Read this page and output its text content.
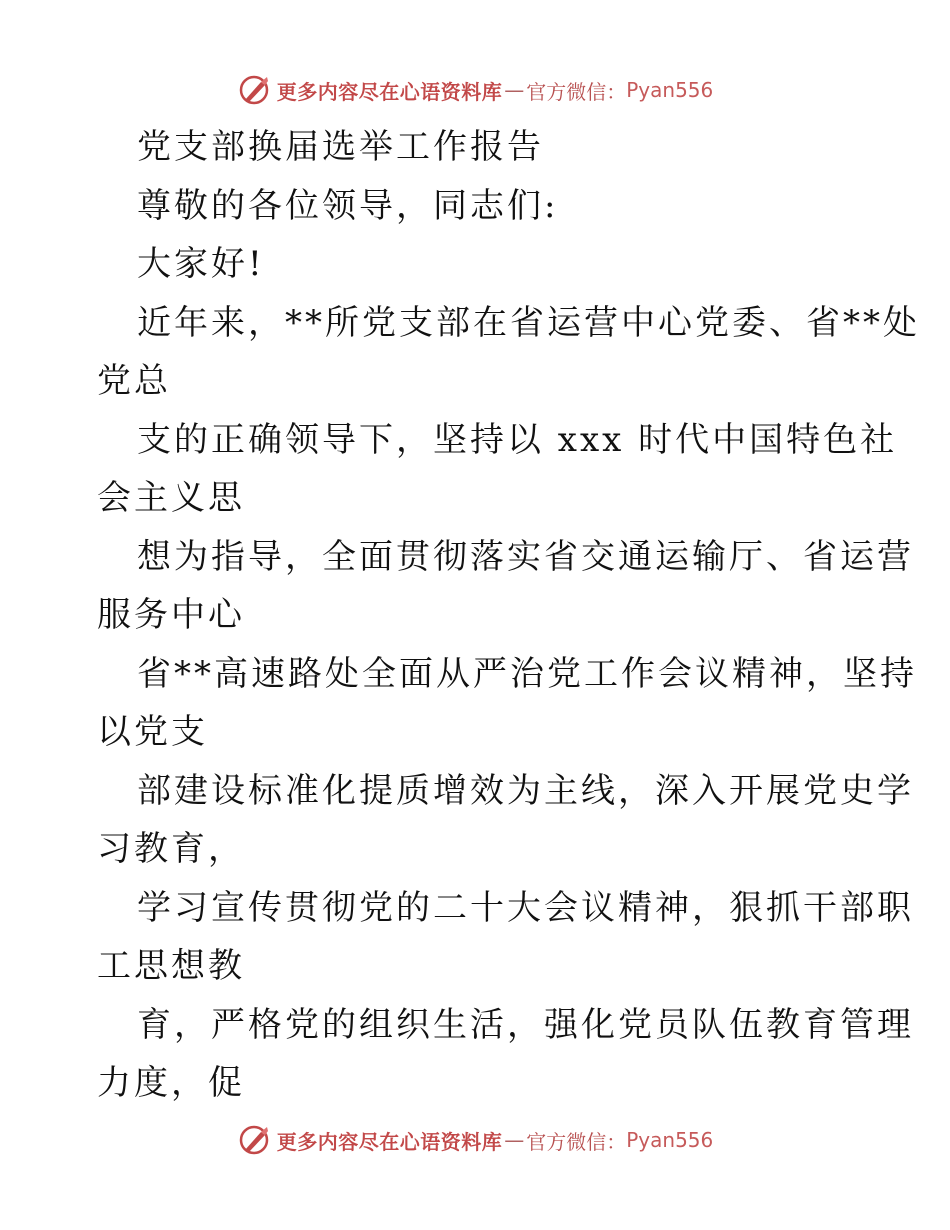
更多内容尽在心语资料库 — 官方微信： Pyan556
党支部换届选举工作报告
尊敬的各位领导，同志们:
大家好!
近年来，**所党支部在省运营中心党委、省**处
党总
支的正确领导下，坚持以 xxx 时代中国特色社
会主义思
想为指导，全面贯彻落实省交通运输厅、省运营
服务中心
省**高速路处全面从严治党工作会议精神，坚持
以党支
部建设标准化提质增效为主线，深入开展党史学
习教育，
学习宣传贯彻党的二十大会议精神，狠抓干部职
工思想教
育，严格党的组织生活，强化党员队伍教育管理
力度，促
更多内容尽在心语资料库 — 官方微信： Pyan556
